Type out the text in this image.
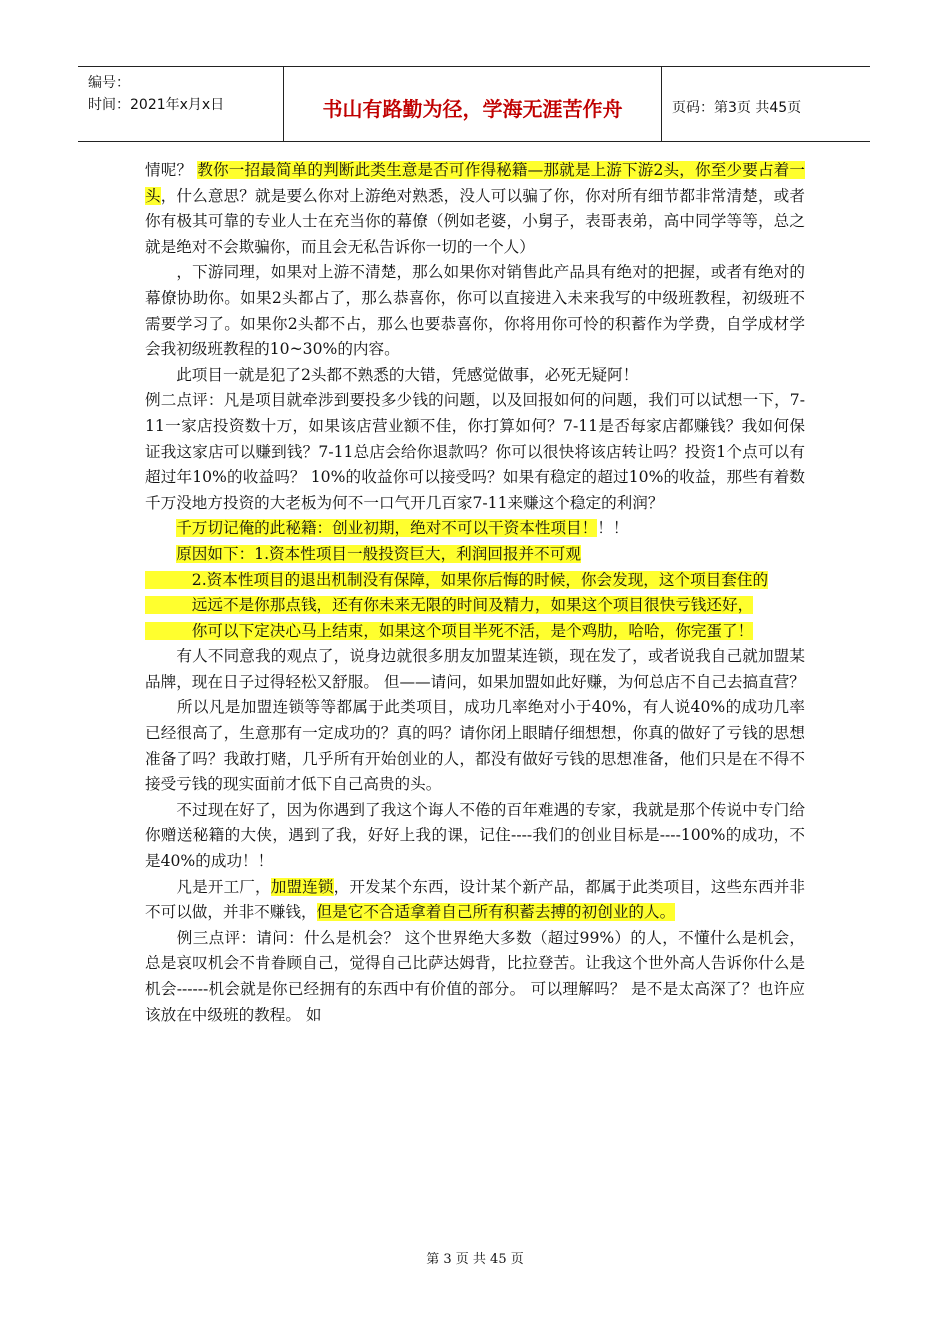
编号：
时间：2021年x月x日	书山有路勤为径，学海无涯苦作舟	页码：第3页 共45页

情呢？ 教你一招最简单的判断此类生意是否可作得秘籍—那就是上游下游2头，你至少要占着一头，什么意思？就是要么你对上游绝对熟悉，没人可以骗了你，你对所有细节都非常清楚，或者你有极其可靠的专业人士在充当你的幕僚（例如老婆，小舅子，表哥表弟，高中同学等等，总之就是绝对不会欺骗你，而且会无私告诉你一切的一个人）

　　，下游同理，如果对上游不清楚，那么如果你对销售此产品具有绝对的把握，或者有绝对的幕僚协助你。如果2头都占了，那么恭喜你，你可以直接进入未来我写的中级班教程，初级班不需要学习了。如果你2头都不占，那么也要恭喜你，你将用你可怜的积蓄作为学费，自学成材学会我初级班教程的10~30%的内容。

　　此项目一就是犯了2头都不熟悉的大错，凭感觉做事，必死无疑阿！

例二点评：凡是项目就牵涉到要投多少钱的问题，以及回报如何的问题，我们可以试想一下，7-11一家店投资数十万，如果该店营业额不佳，你打算如何？7-11是否每家店都赚钱？我如何保证我这家店可以赚到钱？7-11总店会给你退款吗？你可以很快将该店转让吗？投资1个点可以有超过年10%的收益吗？ 10%的收益你可以接受吗？如果有稳定的超过10%的收益，那些有着数千万没地方投资的大老板为何不一口气开几百家7-11来赚这个稳定的利润？

　　千万切记俺的此秘籍：创业初期，绝对不可以干资本性项目！！！

　　原因如下：1.资本性项目一般投资巨大，利润回报并不可观

　　　2.资本性项目的退出机制没有保障，如果你后悔的时候，你会发现，这个项目套住的

　　　远远不是你那点钱，还有你未来无限的时间及精力，如果这个项目很快亏钱还好，

　　　你可以下定决心马上结束，如果这个项目半死不活，是个鸡肋，哈哈，你完蛋了！

　　有人不同意我的观点了，说身边就很多朋友加盟某连锁，现在发了，或者说我自己就加盟某品牌，现在日子过得轻松又舒服。 但——请问，如果加盟如此好赚，为何总店不自己去搞直营？

　　所以凡是加盟连锁等等都属于此类项目，成功几率绝对小于40%，有人说40%的成功几率已经很高了，生意那有一定成功的？真的吗？请你闭上眼睛仔细想想，你真的做好了亏钱的思想准备了吗？我敢打赌，几乎所有开始创业的人，都没有做好亏钱的思想准备，他们只是在不得不接受亏钱的现实面前才低下自己高贵的头。

　　不过现在好了，因为你遇到了我这个诲人不倦的百年难遇的专家，我就是那个传说中专门给你赠送秘籍的大侠，遇到了我，好好上我的课，记住----我们的创业目标是----100%的成功，不是40%的成功！！

　　凡是开工厂，加盟连锁，开发某个东西，设计某个新产品，都属于此类项目，这些东西并非不可以做，并非不赚钱，但是它不合适拿着自己所有积蓄去搏的初创业的人。

　　例三点评：请问：什么是机会？ 这个世界绝大多数（超过99%）的人，不懂什么是机会，总是哀叹机会不肯眷顾自己，觉得自己比萨达姆背，比拉登苦。让我这个世外高人告诉你什么是机会------机会就是你已经拥有的东西中有价值的部分。 可以理解吗？ 是不是太高深了？也许应该放在中级班的教程。 如

第 3 页 共 45 页
